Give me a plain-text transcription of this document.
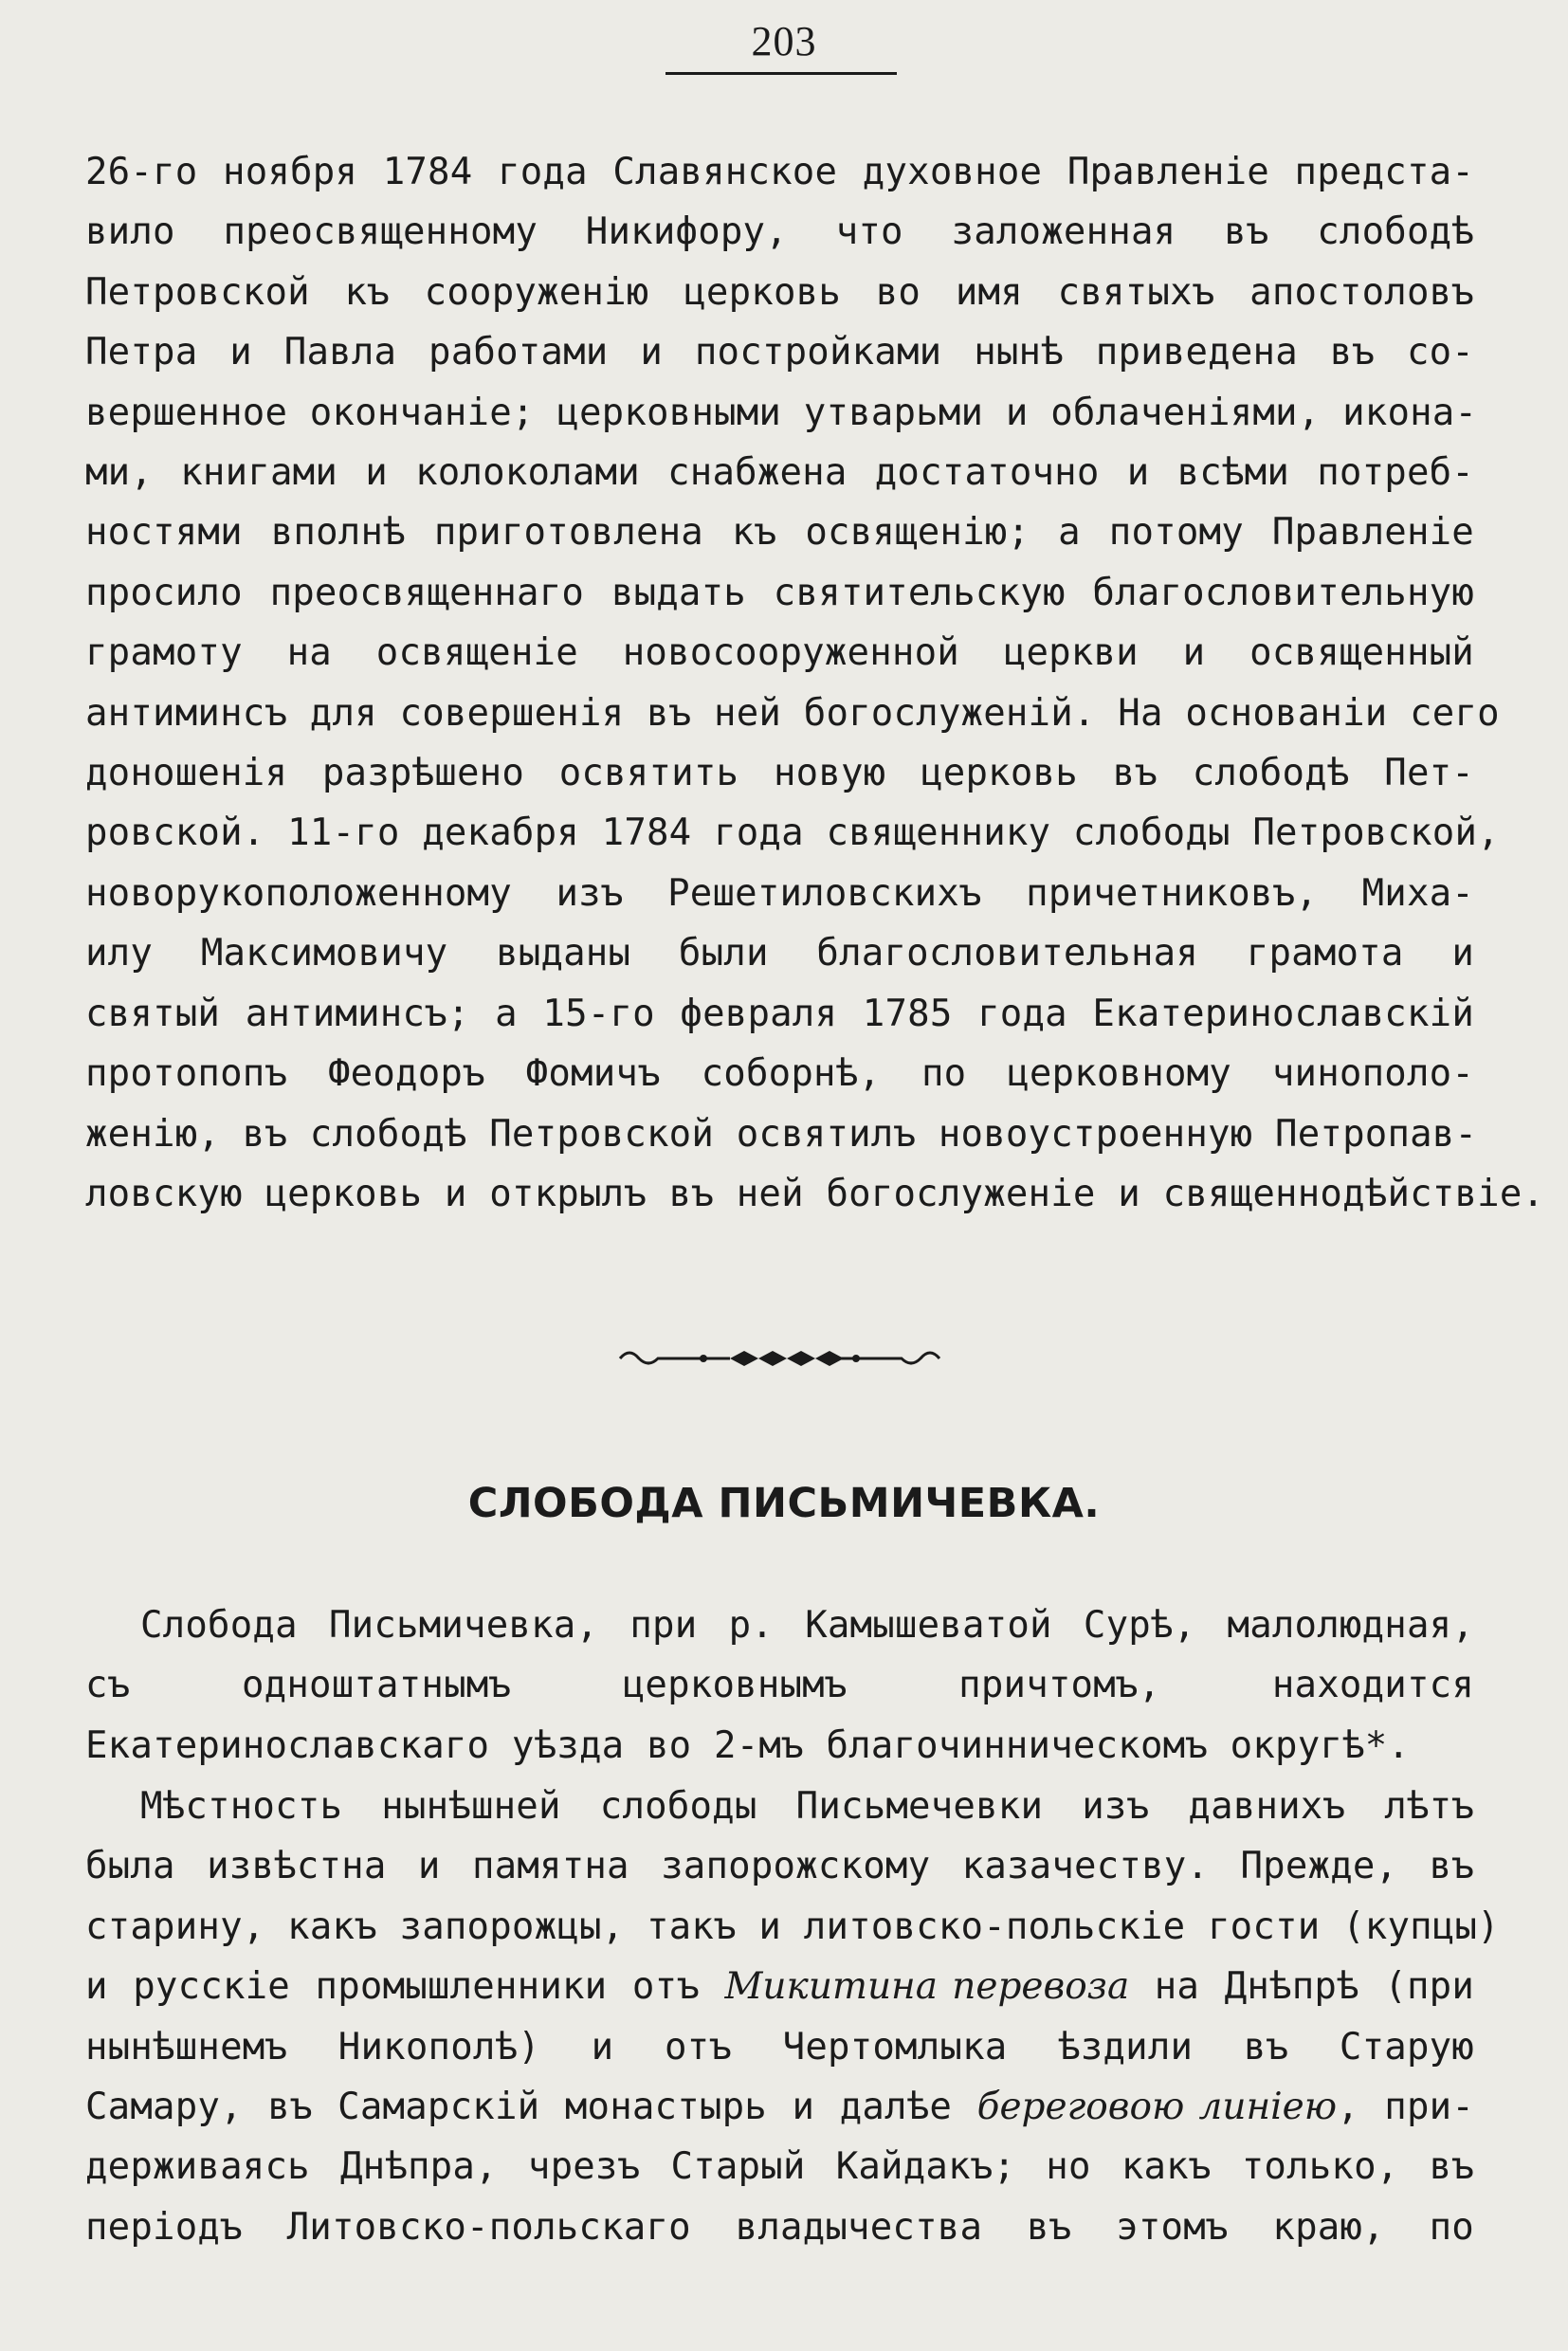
203
26-го ноября 1784 года Славянское духовное Правленіе предста-
вило преосвященному Никифору, что заложенная въ слободѣ
Петровской къ сооруженію церковь во имя святыхъ апостоловъ
Петра и Павла работами и постройками нынѣ приведена въ со-
вершенное окончаніе; церковными утварьми и облаченіями, икона-
ми, книгами и колоколами снабжена достаточно и всѣми потреб-
ностями вполнѣ приготовлена къ освященію; а потому Правленіе
просило преосвященнаго выдать святительскую благословительную
грамоту на освященіе новосооруженной церкви и освященный
антиминсъ для совершенія въ ней богослуженій. На основаніи сего
доношенія разрѣшено освятить новую церковь въ слободѣ Пет-
ровской. 11-го декабря 1784 года священнику слободы Петровской,
новорукоположенному изъ Решетиловскихъ причетниковъ, Миха-
илу Максимовичу выданы были благословительная грамота и
святый антиминсъ; а 15-го февраля 1785 года Екатеринославскій
протопопъ Феодоръ Фомичъ соборнѣ, по церковному чинополо-
женію, въ слободѣ Петровской освятилъ новоустроенную Петропав-
ловскую церковь и открылъ въ ней богослуженіе и священнодѣйствіе.
СЛОБОДА ПИСЬМИЧЕВКА.
Слобода Письмичевка, при р. Камышеватой Сурѣ, малолюдная,
съ одноштатнымъ церковнымъ причтомъ, находится
Екатеринославскаго уѣзда во 2-мъ благочинническомъ округѣ*.
Мѣстность нынѣшней слободы Письмечевки изъ давнихъ лѣтъ
была извѣстна и памятна запорожскому казачеству. Прежде, въ
старину, какъ запорожцы, такъ и литовско-польскіе гости (купцы)
и русскіе промышленники отъ Микитина перевоза на Днѣпрѣ (при
нынѣшнемъ Никополѣ) и отъ Чертомлыка ѣздили въ Старую
Самару, въ Самарскій монастырь и далѣе береговою линіею, при-
держиваясь Днѣпра, чрезъ Старый Кайдакъ; но какъ только, въ
періодъ Литовско-польскаго владычества въ этомъ краю, по
